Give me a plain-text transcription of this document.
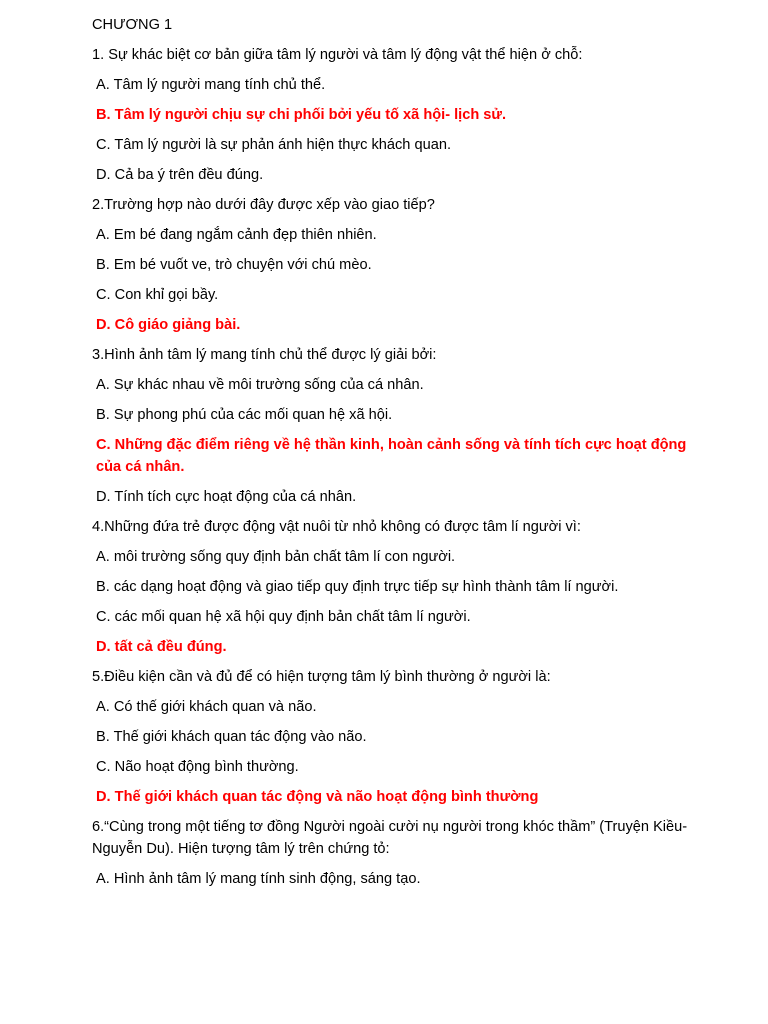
CHƯƠNG 1

1. Sự khác biệt cơ bản giữa tâm lý người và tâm lý động vật thể hiện ở chỗ:

A. Tâm lý người mang tính chủ thể.

B. Tâm lý người chịu sự chi phối bởi yếu tố xã hội- lịch sử.

C. Tâm lý người là sự phản ánh hiện thực khách quan.

D. Cả ba ý trên đều đúng.

2.Trường hợp nào dưới đây được xếp vào giao tiếp?

A. Em bé đang ngắm cảnh đẹp thiên nhiên.

B. Em bé vuốt ve, trò chuyện với chú mèo.

C. Con khỉ gọi bầy.

D. Cô giáo giảng bài.

3.Hình ảnh tâm lý mang tính chủ thể được lý giải bởi:

A. Sự khác nhau về môi trường sống của cá nhân.

B. Sự phong phú của các mối quan hệ xã hội.

C. Những đặc điểm riêng về hệ thần kinh, hoàn cảnh sống và tính tích cực hoạt động của cá nhân.

D. Tính tích cực hoạt động của cá nhân.

4.Những đứa trẻ được động vật nuôi từ nhỏ không có được tâm lí người vì:

A. môi trường sống quy định bản chất tâm lí con người.

B. các dạng hoạt động và giao tiếp quy định trực tiếp sự hình thành tâm lí người.

C. các mối quan hệ xã hội quy định bản chất tâm lí người.

D. tất cả đều đúng.

5.Điều kiện cần và đủ để có hiện tượng tâm lý bình thường ở người là:

A. Có thế giới khách quan và não.

B. Thế giới khách quan tác động vào não.

C. Não hoạt động bình thường.

D. Thế giới khách quan tác động và não hoạt động bình thường

6.“Cùng trong một tiếng tơ đồng Người ngoài cười nụ người trong khóc thầm” (Truyện Kiều- Nguyễn Du). Hiện tượng tâm lý trên chứng tỏ:

A. Hình ảnh tâm lý mang tính sinh động, sáng tạo.
